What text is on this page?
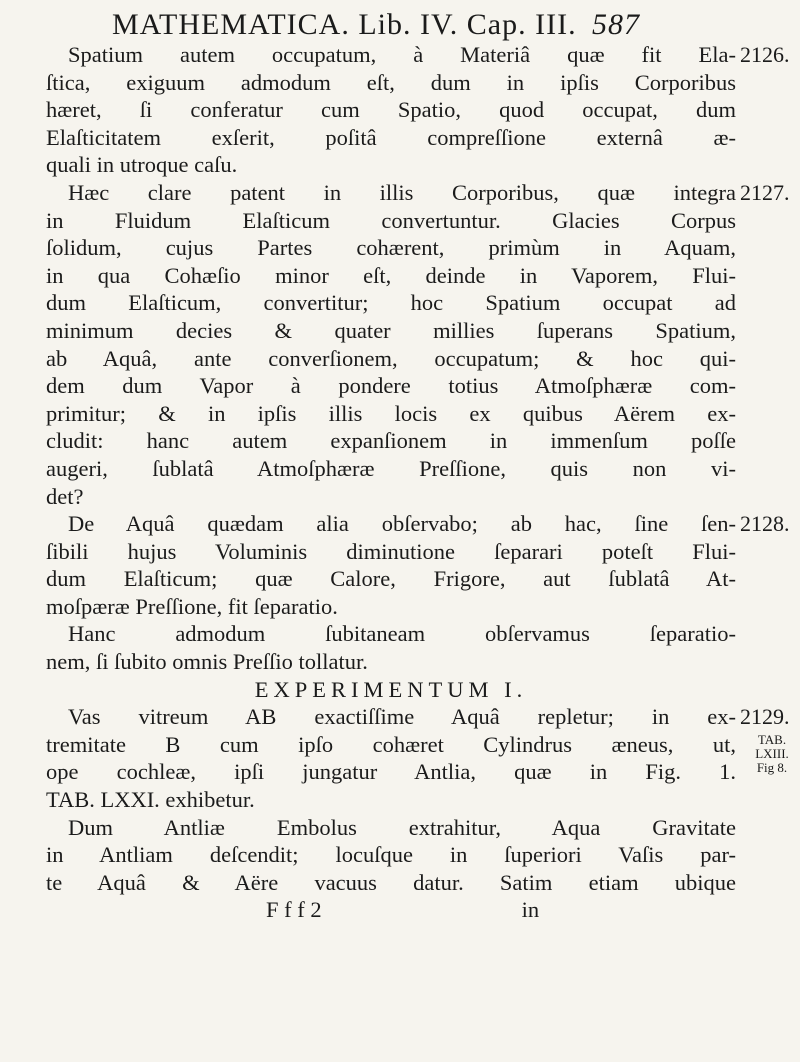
MATHEMATICA. Lib. IV. Cap. III. 587
Spatium autem occupatum, à Materiâ quæ fit Ela-
ſtica, exiguum admodum eſt, dum in ipſis Corporibus
hæret, ſi conferatur cum Spatio, quod occupat, dum
Elaſticitatem exſerit, poſitâ compreſſione externâ æ-
quali in utroque caſu.
Hæc clare patent in illis Corporibus, quæ integra
in Fluidum Elaſticum convertuntur. Glacies Corpus
ſolidum, cujus Partes cohærent, primùm in Aquam,
in qua Cohæſio minor eſt, deinde in Vaporem, Flui-
dum Elaſticum, convertitur; hoc Spatium occupat ad
minimum decies & quater millies ſuperans Spatium,
ab Aquâ, ante converſionem, occupatum; & hoc qui-
dem dum Vapor à pondere totius Atmoſphæræ com-
primitur; & in ipſis illis locis ex quibus Aërem ex-
cludit: hanc autem expanſionem in immenſum poſſe
augeri, ſublatâ Atmoſphæræ Preſſione, quis non vi-
det?
De Aquâ quædam alia obſervabo; ab hac, ſine ſen-
ſibili hujus Voluminis diminutione ſeparari poteſt Flui-
dum Elaſticum; quæ Calore, Frigore, aut ſublatâ At-
moſpæræ Preſſione, fit ſeparatio.
Hanc admodum ſubitaneam obſervamus ſeparatio-
nem, ſi ſubito omnis Preſſio tollatur.
EXPERIMENTUM I.
Vas vitreum AB exactiſſime Aquâ repletur; in ex-
tremitate B cum ipſo cohæret Cylindrus æneus, ut,
ope cochleæ, ipſi jungatur Antlia, quæ in Fig. 1.
TAB. LXXI. exhibetur.
Dum Antliæ Embolus extrahitur, Aqua Gravitate
in Antliam deſcendit; locuſque in ſuperiori Vaſis par-
te Aquâ & Aëre vacuus datur. Satim etiam ubique
F f f 2	in
2126.
2127.
2128.
2129.
TAB.
LXIII.
Fig 8.
